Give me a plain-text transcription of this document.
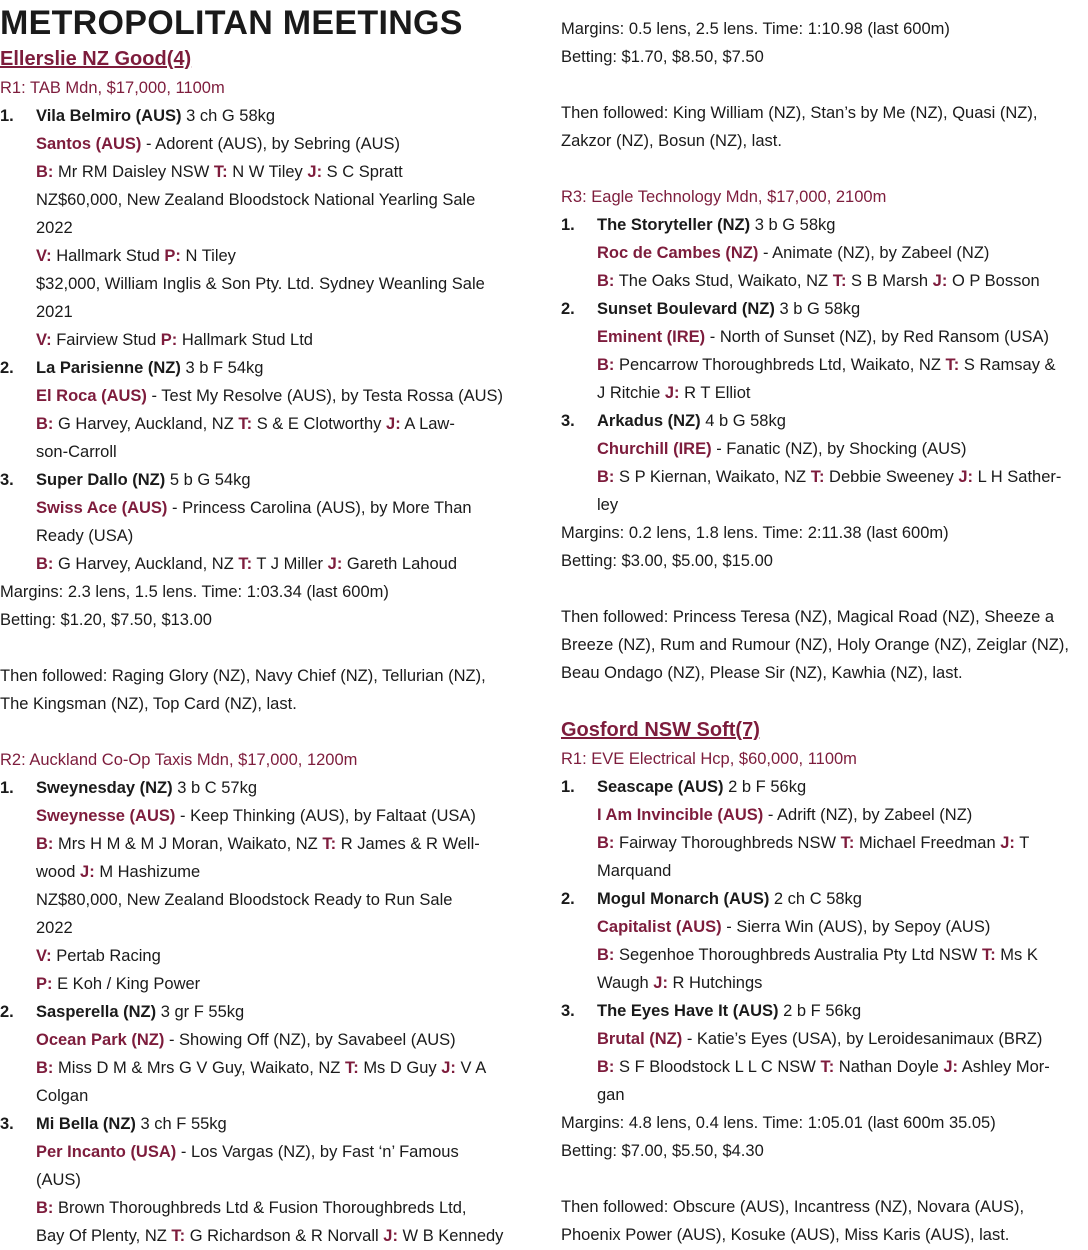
METROPOLITAN MEETINGS
Ellerslie NZ Good(4)
R1: TAB Mdn, $17,000, 1100m
1. Vila Belmiro (AUS) 3 ch G 58kg
Santos (AUS) - Adorent (AUS), by Sebring (AUS)
B: Mr RM Daisley NSW T: N W Tiley J: S C Spratt
NZ$60,000, New Zealand Bloodstock National Yearling Sale
2022
V: Hallmark Stud P: N Tiley
$32,000, William Inglis & Son Pty. Ltd. Sydney Weanling Sale
2021
V: Fairview Stud P: Hallmark Stud Ltd
2. La Parisienne (NZ) 3 b F 54kg
El Roca (AUS) - Test My Resolve (AUS), by Testa Rossa (AUS)
B: G Harvey, Auckland, NZ T: S & E Clotworthy J: A Law-
son-Carroll
3. Super Dallo (NZ) 5 b G 54kg
Swiss Ace (AUS) - Princess Carolina (AUS), by More Than
Ready (USA)
B: G Harvey, Auckland, NZ T: T J Miller J: Gareth Lahoud
Margins: 2.3 lens, 1.5 lens. Time: 1:03.34 (last 600m)
Betting: $1.20, $7.50, $13.00
Then followed: Raging Glory (NZ), Navy Chief (NZ), Tellurian (NZ),
The Kingsman (NZ), Top Card (NZ), last.
R2: Auckland Co-Op Taxis Mdn, $17,000, 1200m
1. Sweynesday (NZ) 3 b C 57kg
Sweynesse (AUS) - Keep Thinking (AUS), by Faltaat (USA)
B: Mrs H M & M J Moran, Waikato, NZ T: R James & R Well-
wood J: M Hashizume
NZ$80,000, New Zealand Bloodstock Ready to Run Sale
2022
V: Pertab Racing
P: E Koh / King Power
2. Sasperella (NZ) 3 gr F 55kg
Ocean Park (NZ) - Showing Off (NZ), by Savabeel (AUS)
B: Miss D M & Mrs G V Guy, Waikato, NZ T: Ms D Guy J: V A
Colgan
3. Mi Bella (NZ) 3 ch F 55kg
Per Incanto (USA) - Los Vargas (NZ), by Fast ‘n’ Famous
(AUS)
B: Brown Thoroughbreds Ltd & Fusion Thoroughbreds Ltd,
Bay Of Plenty, NZ T: G Richardson & R Norvall J: W B Kennedy
Margins: 0.5 lens, 2.5 lens. Time: 1:10.98 (last 600m)
Betting: $1.70, $8.50, $7.50
Then followed: King William (NZ), Stan’s by Me (NZ), Quasi (NZ),
Zakzor (NZ), Bosun (NZ), last.
R3: Eagle Technology Mdn, $17,000, 2100m
1. The Storyteller (NZ) 3 b G 58kg
Roc de Cambes (NZ) - Animate (NZ), by Zabeel (NZ)
B: The Oaks Stud, Waikato, NZ T: S B Marsh J: O P Bosson
2. Sunset Boulevard (NZ) 3 b G 58kg
Eminent (IRE) - North of Sunset (NZ), by Red Ransom (USA)
B: Pencarrow Thoroughbreds Ltd, Waikato, NZ T: S Ramsay &
J Ritchie J: R T Elliot
3. Arkadus (NZ) 4 b G 58kg
Churchill (IRE) - Fanatic (NZ), by Shocking (AUS)
B: S P Kiernan, Waikato, NZ T: Debbie Sweeney J: L H Sather-
ley
Margins: 0.2 lens, 1.8 lens. Time: 2:11.38 (last 600m)
Betting: $3.00, $5.00, $15.00
Then followed: Princess Teresa (NZ), Magical Road (NZ), Sheeze a
Breeze (NZ), Rum and Rumour (NZ), Holy Orange (NZ), Zeiglar (NZ),
Beau Ondago (NZ), Please Sir (NZ), Kawhia (NZ), last.
Gosford NSW Soft(7)
R1: EVE Electrical Hcp, $60,000, 1100m
1. Seascape (AUS) 2 b F 56kg
I Am Invincible (AUS) - Adrift (NZ), by Zabeel (NZ)
B: Fairway Thoroughbreds NSW T: Michael Freedman J: T
Marquand
2. Mogul Monarch (AUS) 2 ch C 58kg
Capitalist (AUS) - Sierra Win (AUS), by Sepoy (AUS)
B: Segenhoe Thoroughbreds Australia Pty Ltd NSW T: Ms K
Waugh J: R Hutchings
3. The Eyes Have It (AUS) 2 b F 56kg
Brutal (NZ) - Katie’s Eyes (USA), by Leroidesanimaux (BRZ)
B: S F Bloodstock L L C NSW T: Nathan Doyle J: Ashley Mor-
gan
Margins: 4.8 lens, 0.4 lens. Time: 1:05.01 (last 600m 35.05)
Betting: $7.00, $5.50, $4.30
Then followed: Obscure (AUS), Incantress (NZ), Novara (AUS),
Phoenix Power (AUS), Kosuke (AUS), Miss Karis (AUS), last.
